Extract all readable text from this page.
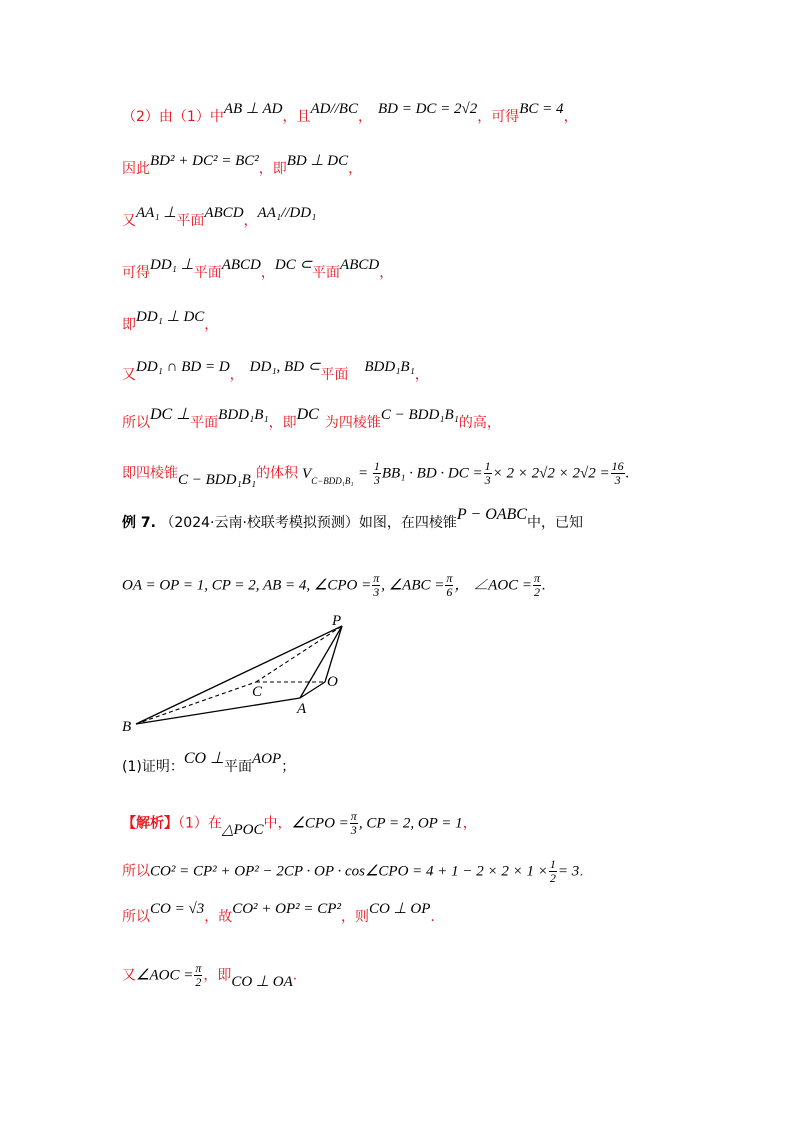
（2）由（1）中AB ⊥ AD，且AD//BC， BD = DC = 2√2，可得BC = 4，
因此BD² + DC² = BC²，即BD ⊥ DC，
又AA₁ ⊥平面ABCD，AA₁//DD₁
可得DD₁ ⊥平面ABCD，DC ⊂平面ABCD，
即DD₁ ⊥ DC，
又DD₁ ∩ BD = D， DD₁, BD ⊂平面 BDD₁B₁，
所以DC ⊥平面BDD₁B₁，即DC 为四棱锥C − BDD₁B₁的高，
即四棱锥C − BDD₁B₁的体积 $V_{C-BDD_1B_1} = \frac{1}{3} BB_1$ · BD · DC = $\frac{1}{3} \times 2 \times 2√2 \times 2√2 = \frac{16}{3}$ .
例 7. （2024·云南·校联考模拟预测）如图，在四棱锥P − OABC中，已知
OA = OP = 1, CP = 2, AB = 4, ∠CPO = $\frac{\pi}{3}$ , ∠ABC = $\frac{\pi}{6}$ ， ∠AOC = $\frac{\pi}{2}$ .
P
O
C
A
B
(1)证明：CO ⊥平面AOP；
【解析】（1）在△POC中，∠CPO = $\frac{\pi}{3}$ , CP = 2, OP = 1，
所以CO² = CP² + OP² − 2CP · OP · cos∠CPO = $4 + 1 - 2 \times 2 \times 1 \times \frac{1}{2} = 3$.
所以CO = √3，故CO² + OP² = CP²，则CO ⊥ OP.
又∠AOC = $\frac{\pi}{2}$ ，即CO ⊥ OA.
